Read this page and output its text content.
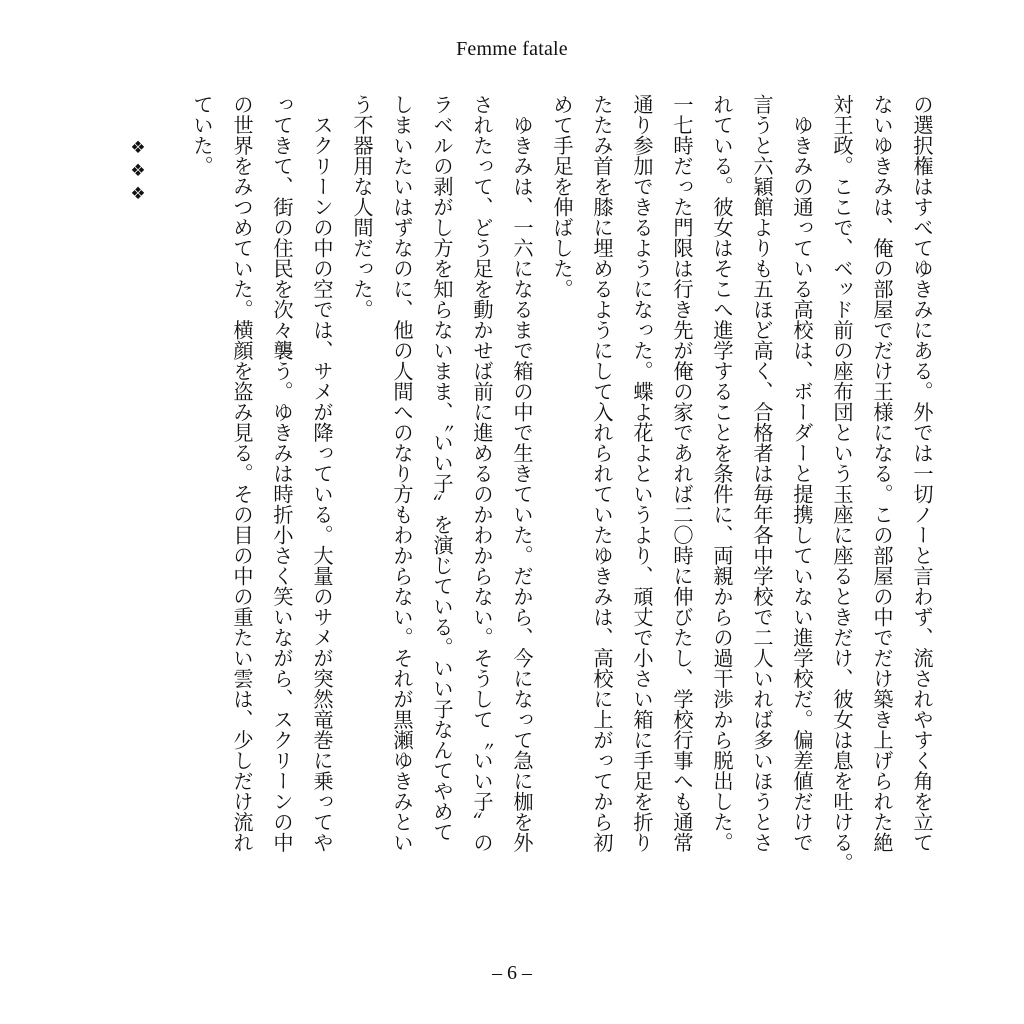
Femme fatale
の選択権はすべてゆきみにある。外では一切ノーと言わず、流されやすく角を立て
ないゆきみは、俺の部屋でだけ王様になる。この部屋の中でだけ築き上げられた絶
対王政。ここで、ベッド前の座布団という玉座に座るときだけ、彼女は息を吐ける。
　ゆきみの通っている高校は、ボーダーと提携していない進学校だ。偏差値だけで
言うと六穎館よりも五ほど高く、合格者は毎年各中学校で二人いれば多いほうとさ
れている。彼女はそこへ進学することを条件に、両親からの過干渉から脱出した。
一七時だった門限は行き先が俺の家であれば二〇時に伸びたし、学校行事へも通常
通り参加できるようになった。蝶よ花よというより、頑丈で小さい箱に手足を折り
たたみ首を膝に埋めるようにして入れられていたゆきみは、高校に上がってから初
めて手足を伸ばした。
　ゆきみは、一六になるまで箱の中で生きていた。だから、今になって急に枷を外
されたって、どう足を動かせば前に進めるのかわからない。そうして〝いい子〟の
ラベルの剥がし方を知らないまま、〝いい子〟を演じている。いい子なんてやめて
しまいたいはずなのに、他の人間へのなり方もわからない。それが黒瀬ゆきみとい
う不器用な人間だった。
　スクリーンの中の空では、サメが降っている。大量のサメが突然竜巻に乗ってや
ってきて、街の住民を次々襲う。ゆきみは時折小さく笑いながら、スクリーンの中
の世界をみつめていた。横顔を盗み見る。その目の中の重たい雲は、少しだけ流れ
ていた。
❖❖❖
– 6 –
